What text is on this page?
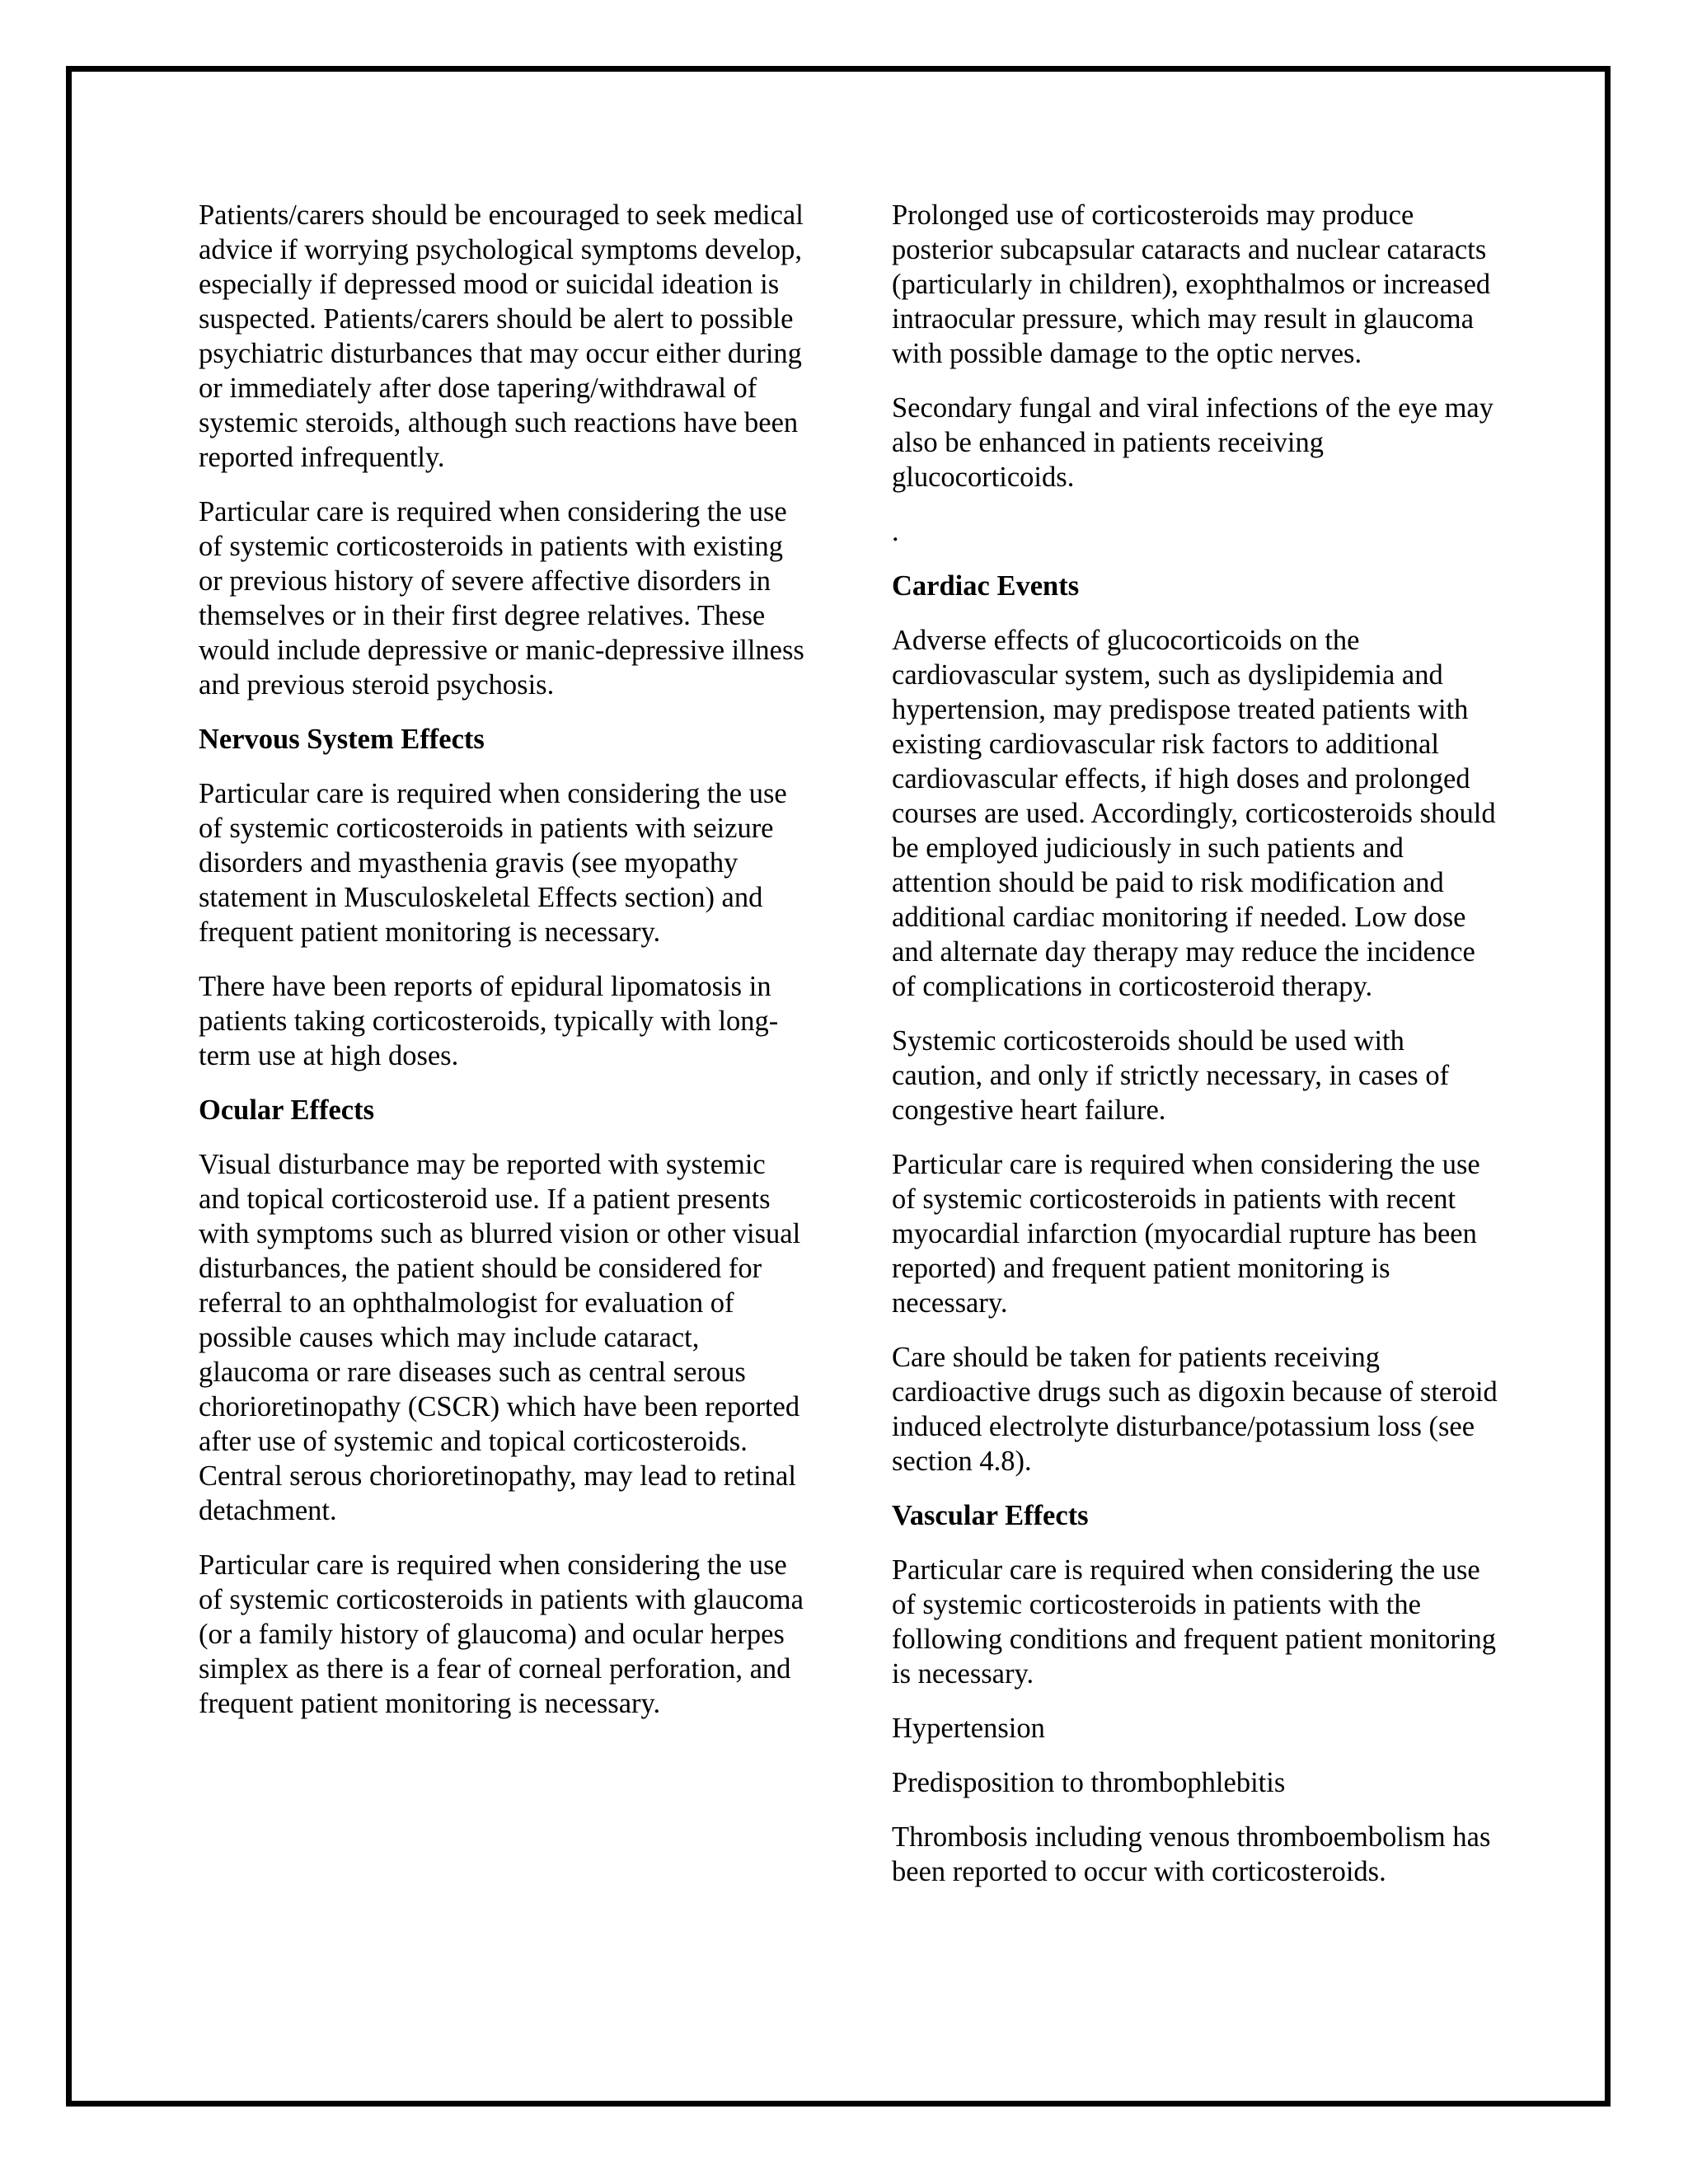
Patients/carers should be encouraged to seek medical advice if worrying psychological symptoms develop, especially if depressed mood or suicidal ideation is suspected. Patients/carers should be alert to possible psychiatric disturbances that may occur either during or immediately after dose tapering/withdrawal of systemic steroids, although such reactions have been reported infrequently.

Particular care is required when considering the use of systemic corticosteroids in patients with existing or previous history of severe affective disorders in themselves or in their first degree relatives. These would include depressive or manic-depressive illness and previous steroid psychosis.

Nervous System Effects

Particular care is required when considering the use of systemic corticosteroids in patients with seizure disorders and myasthenia gravis (see myopathy statement in Musculoskeletal Effects section) and frequent patient monitoring is necessary.

There have been reports of epidural lipomatosis in patients taking corticosteroids, typically with long-term use at high doses.

Ocular Effects

Visual disturbance may be reported with systemic and topical corticosteroid use. If a patient presents with symptoms such as blurred vision or other visual disturbances, the patient should be considered for referral to an ophthalmologist for evaluation of possible causes which may include cataract, glaucoma or rare diseases such as central serous chorioretinopathy (CSCR) which have been reported after use of systemic and topical corticosteroids. Central serous chorioretinopathy, may lead to retinal detachment.

Particular care is required when considering the use of systemic corticosteroids in patients with glaucoma (or a family history of glaucoma) and ocular herpes simplex as there is a fear of corneal perforation, and frequent patient monitoring is necessary.

Prolonged use of corticosteroids may produce posterior subcapsular cataracts and nuclear cataracts (particularly in children), exophthalmos or increased intraocular pressure, which may result in glaucoma with possible damage to the optic nerves.

Secondary fungal and viral infections of the eye may also be enhanced in patients receiving glucocorticoids.

.

Cardiac Events

Adverse effects of glucocorticoids on the cardiovascular system, such as dyslipidemia and hypertension, may predispose treated patients with existing cardiovascular risk factors to additional cardiovascular effects, if high doses and prolonged courses are used. Accordingly, corticosteroids should be employed judiciously in such patients and attention should be paid to risk modification and additional cardiac monitoring if needed. Low dose and alternate day therapy may reduce the incidence of complications in corticosteroid therapy.

Systemic corticosteroids should be used with caution, and only if strictly necessary, in cases of congestive heart failure.

Particular care is required when considering the use of systemic corticosteroids in patients with recent myocardial infarction (myocardial rupture has been reported) and frequent patient monitoring is necessary.

Care should be taken for patients receiving cardioactive drugs such as digoxin because of steroid induced electrolyte disturbance/potassium loss (see section 4.8).

Vascular Effects

Particular care is required when considering the use of systemic corticosteroids in patients with the following conditions and frequent patient monitoring is necessary.

Hypertension

Predisposition to thrombophlebitis

Thrombosis including venous thromboembolism has been reported to occur with corticosteroids.
